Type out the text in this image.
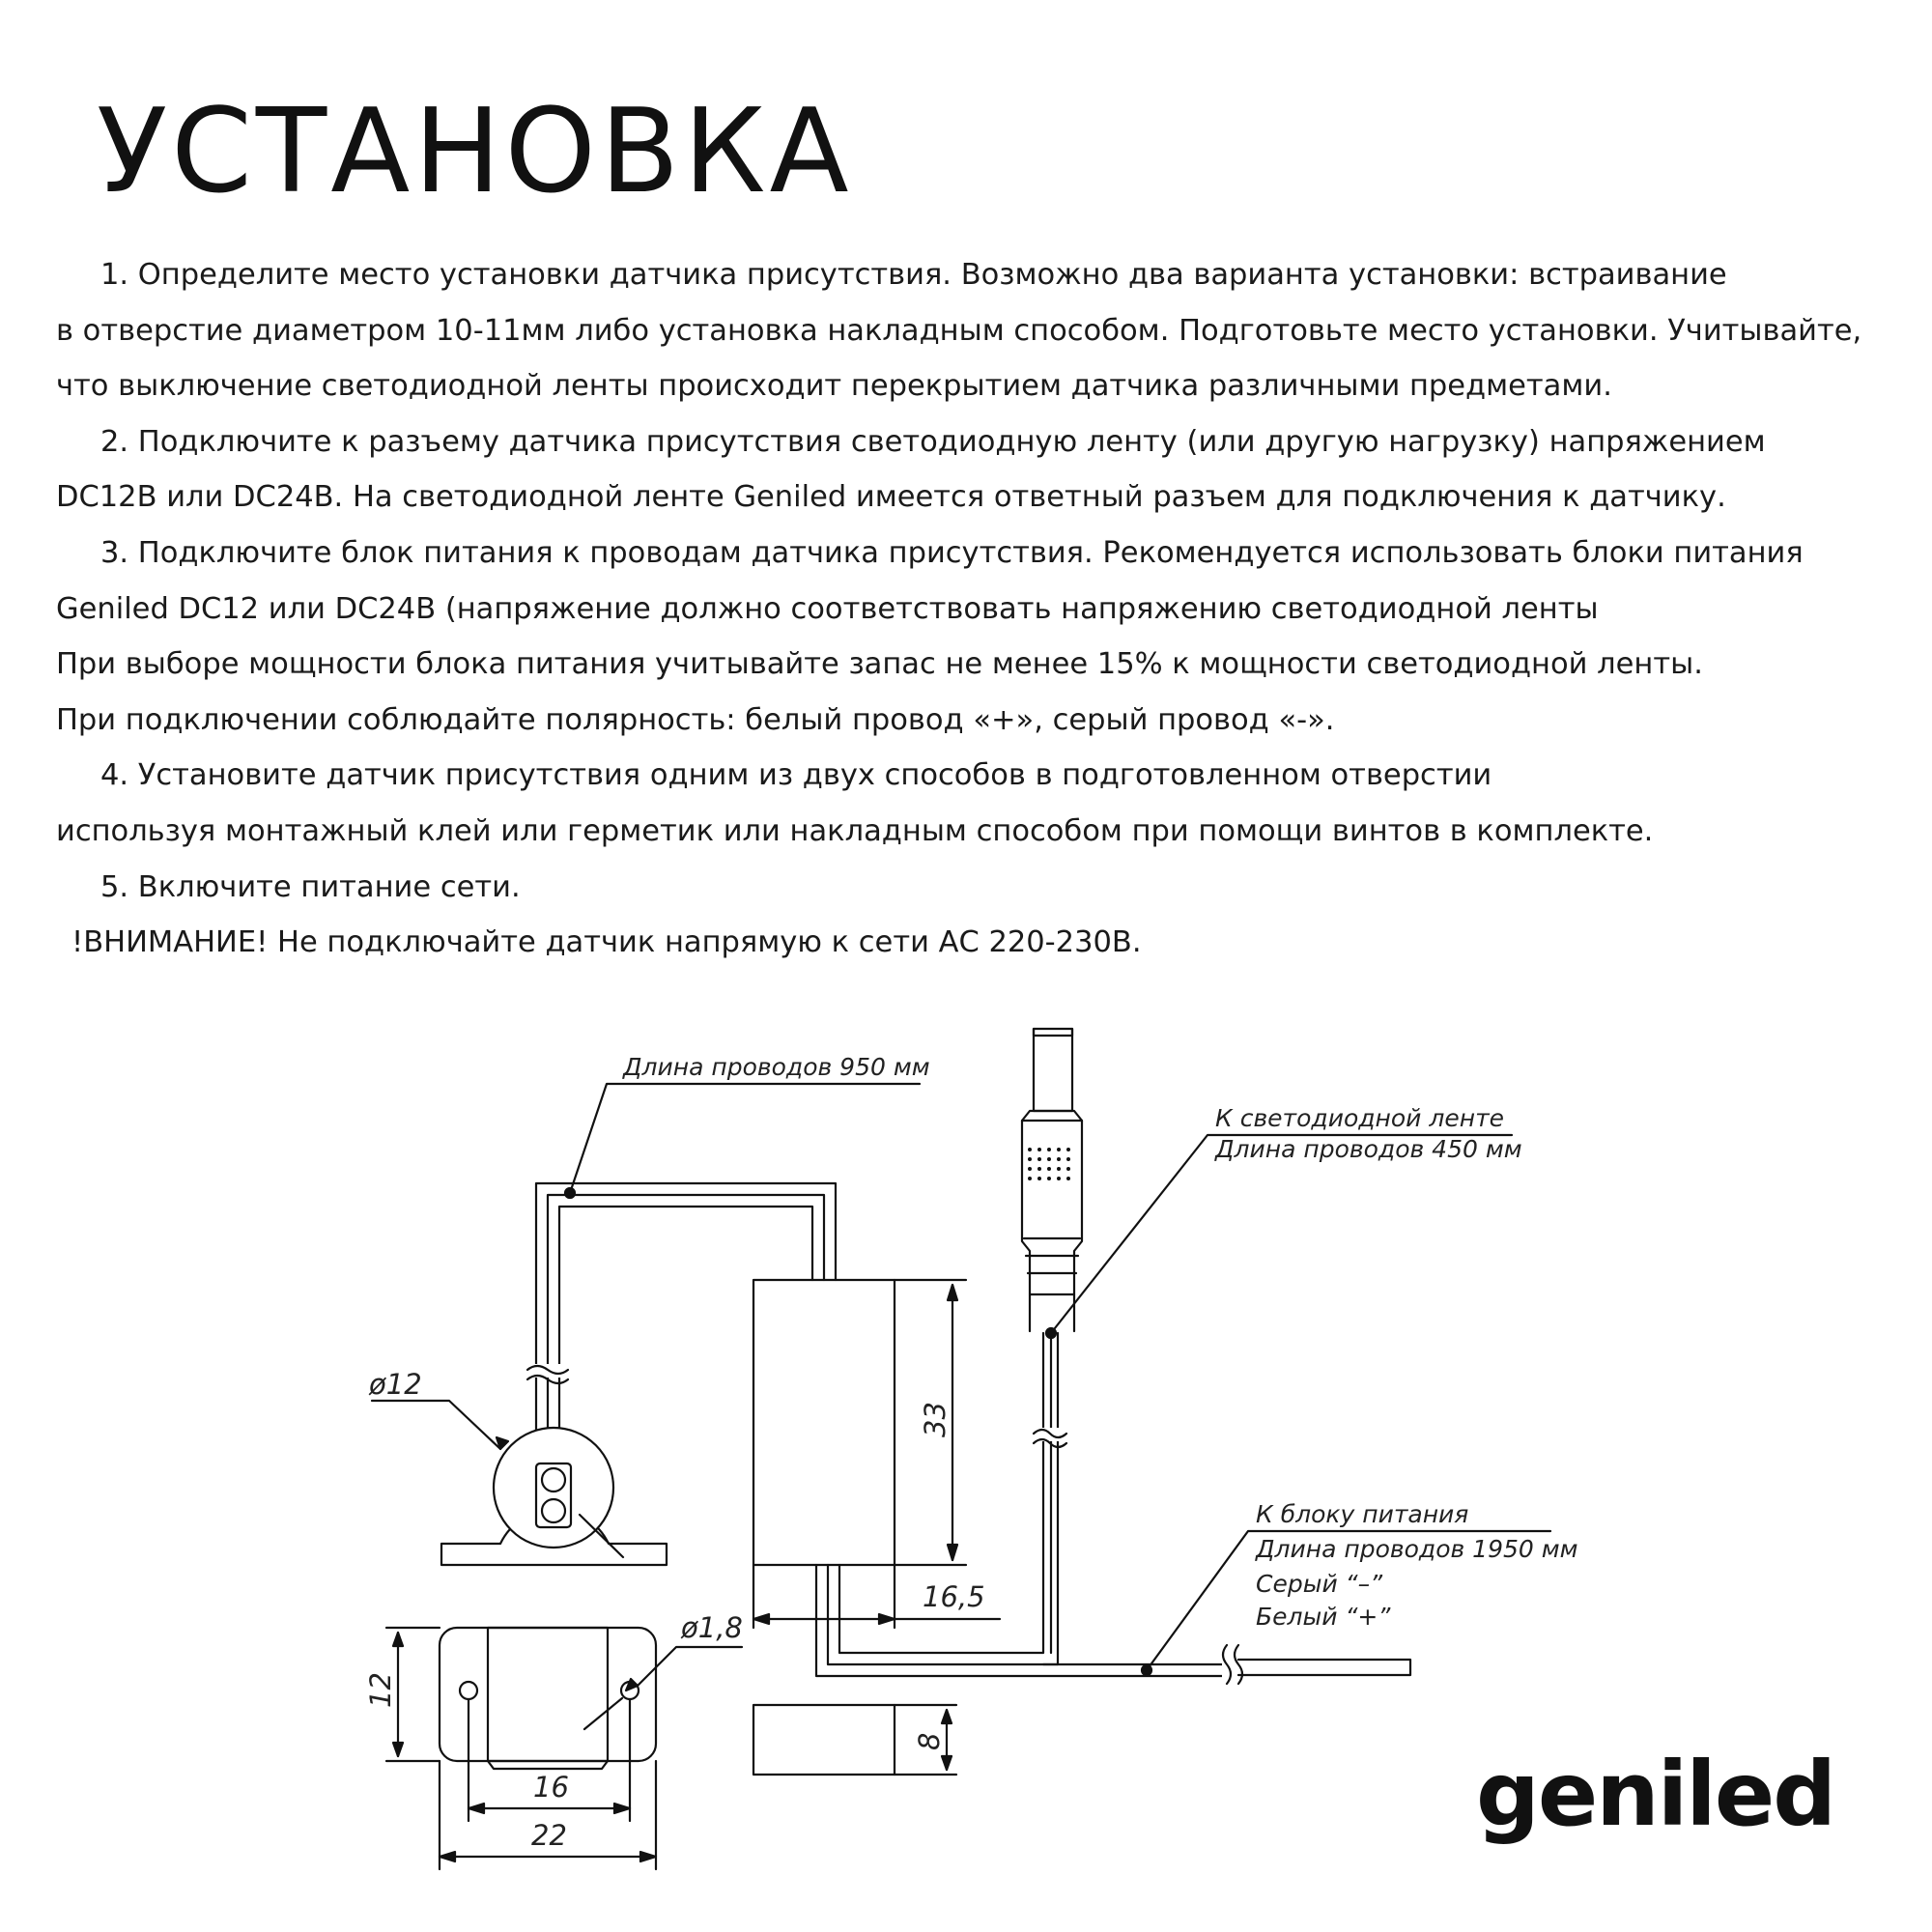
УСТАНОВКА

1. Определите место установки датчика присутствия. Возможно два варианта установки: встраивание

в отверстие диаметром 10-11мм либо установка накладным способом. Подготовьте место установки. Учитывайте,

что выключение светодиодной ленты происходит перекрытием датчика различными предметами.

2. Подключите к разъему датчика присутствия светодиодную ленту (или другую нагрузку) напряжением

DC12В или DC24В. На светодиодной ленте Geniled имеется ответный разъем для подключения к датчику.

3. Подключите блок питания к проводам датчика присутствия. Рекомендуется использовать блоки питания

Geniled DC12 или DC24В (напряжение должно соответствовать напряжению светодиодной ленты

При выборе мощности блока питания учитывайте запас не менее 15% к мощности светодиодной ленты.

При подключении соблюдайте полярность: белый провод «+», серый провод «-».

4. Установите датчик присутствия одним из двух способов в подготовленном отверстии

используя монтажный клей или герметик или накладным способом при помощи винтов в комплекте.

5. Включите питание сети.

!ВНИМАНИЕ! Не подключайте датчик напрямую к сети АС 220-230В.

Длина проводов 950 мм
ø12
33
16,5
8
16
22
12
ø1,8
К светодиодной ленте
Длина проводов 450 мм
К блоку питания
Длина проводов 1950 мм
Серый “–”
Белый “+”
geniled
